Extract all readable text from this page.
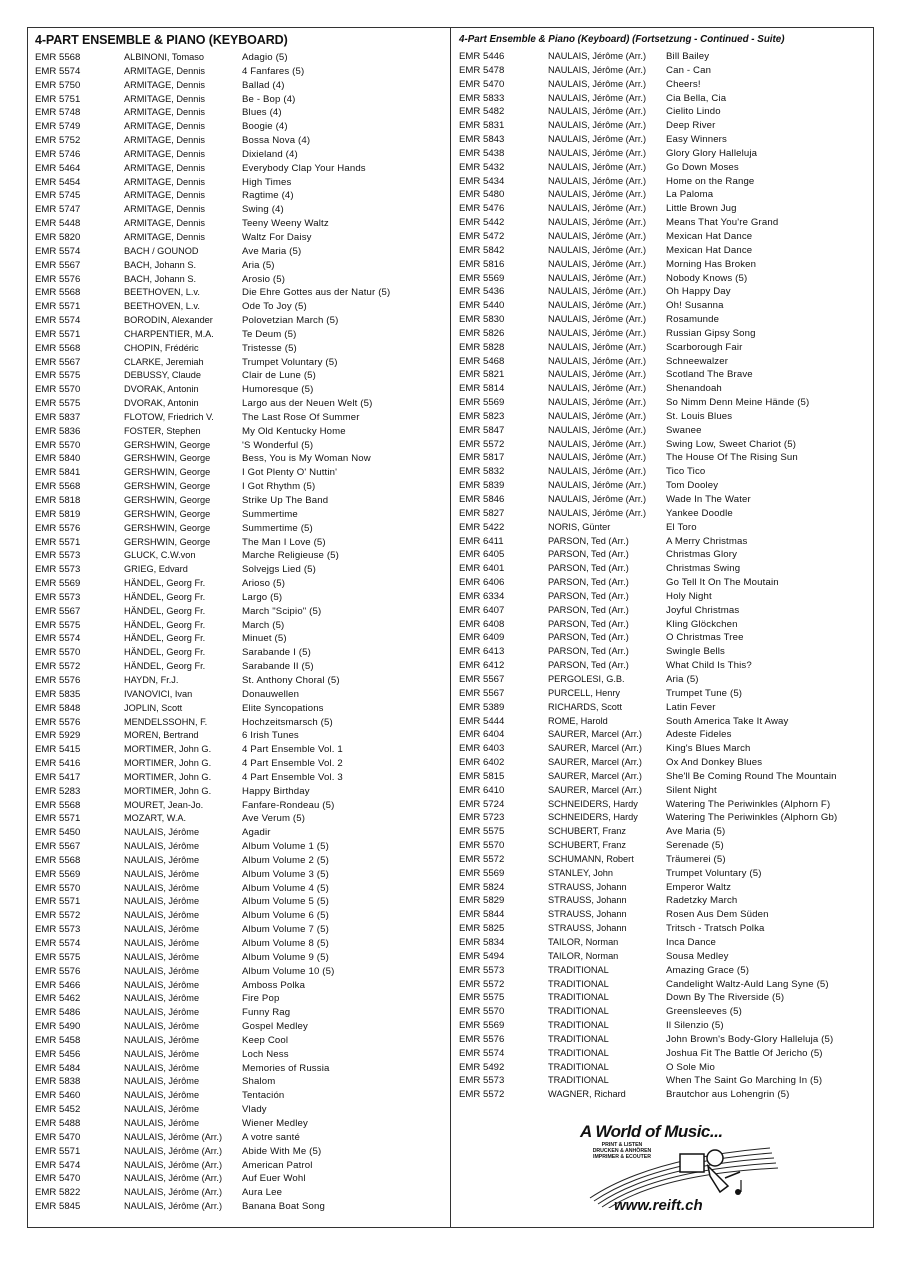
4-PART ENSEMBLE & PIANO (KEYBOARD)	4-Part Ensemble & Piano (Keyboard) (Fortsetzung - Continued - Suite)
EMR 5568	ALBINONI, Tomaso	Adagio (5)
EMR 5574	ARMITAGE, Dennis	4 Fanfares (5)
EMR 5750	ARMITAGE, Dennis	Ballad (4)
EMR 5751	ARMITAGE, Dennis	Be - Bop (4)
EMR 5748	ARMITAGE, Dennis	Blues (4)
EMR 5749	ARMITAGE, Dennis	Boogie (4)
EMR 5752	ARMITAGE, Dennis	Bossa Nova (4)
EMR 5746	ARMITAGE, Dennis	Dixieland (4)
EMR 5464	ARMITAGE, Dennis	Everybody Clap Your Hands
EMR 5454	ARMITAGE, Dennis	High Times
EMR 5745	ARMITAGE, Dennis	Ragtime (4)
EMR 5747	ARMITAGE, Dennis	Swing (4)
EMR 5448	ARMITAGE, Dennis	Teeny Weeny Waltz
EMR 5820	ARMITAGE, Dennis	Waltz For Daisy
EMR 5574	BACH / GOUNOD	Ave Maria (5)
EMR 5567	BACH, Johann S.	Aria (5)
EMR 5576	BACH, Johann S.	Arosio (5)
EMR 5568	BEETHOVEN, L.v.	Die Ehre Gottes aus der Natur (5)
EMR 5571	BEETHOVEN, L.v.	Ode To Joy (5)
EMR 5574	BORODIN, Alexander	Polovetzian March (5)
EMR 5571	CHARPENTIER, M.A.	Te Deum (5)
EMR 5568	CHOPIN, Frédéric	Tristesse (5)
EMR 5567	CLARKE, Jeremiah	Trumpet Voluntary (5)
EMR 5575	DEBUSSY, Claude	Clair de Lune (5)
EMR 5570	DVORAK, Antonin	Humoresque (5)
EMR 5575	DVORAK, Antonin	Largo aus der Neuen Welt (5)
EMR 5837	FLOTOW, Friedrich V.	The Last Rose Of Summer
EMR 5836	FOSTER, Stephen	My Old Kentucky Home
EMR 5570	GERSHWIN, George	'S Wonderful (5)
EMR 5840	GERSHWIN, George	Bess, You is My Woman Now
EMR 5841	GERSHWIN, George	I Got Plenty O' Nuttin'
EMR 5568	GERSHWIN, George	I Got Rhythm (5)
EMR 5818	GERSHWIN, George	Strike Up The Band
EMR 5819	GERSHWIN, George	Summertime
EMR 5576	GERSHWIN, George	Summertime (5)
EMR 5571	GERSHWIN, George	The Man I Love (5)
EMR 5573	GLUCK, C.W.von	Marche Religieuse (5)
EMR 5573	GRIEG, Edvard	Solvejgs Lied (5)
EMR 5569	HÄNDEL, Georg Fr.	Arioso (5)
EMR 5573	HÄNDEL, Georg Fr.	Largo (5)
EMR 5567	HÄNDEL, Georg Fr.	March "Scipio" (5)
EMR 5575	HÄNDEL, Georg Fr.	March (5)
EMR 5574	HÄNDEL, Georg Fr.	Minuet (5)
EMR 5570	HÄNDEL, Georg Fr.	Sarabande I (5)
EMR 5572	HÄNDEL, Georg Fr.	Sarabande II (5)
EMR 5576	HAYDN, Fr.J.	St. Anthony Choral (5)
EMR 5835	IVANOVICI, Ivan	Donauwellen
EMR 5848	JOPLIN, Scott	Elite Syncopations
EMR 5576	MENDELSSOHN, F.	Hochzeitsmarsch (5)
EMR 5929	MOREN, Bertrand	6 Irish Tunes
EMR 5415	MORTIMER, John G.	4 Part Ensemble Vol. 1
EMR 5416	MORTIMER, John G.	4 Part Ensemble Vol. 2
EMR 5417	MORTIMER, John G.	4 Part Ensemble Vol. 3
EMR 5283	MORTIMER, John G.	Happy Birthday
EMR 5568	MOURET, Jean-Jo.	Fanfare-Rondeau (5)
EMR 5571	MOZART, W.A.	Ave Verum (5)
EMR 5450	NAULAIS, Jérôme	Agadir
EMR 5567	NAULAIS, Jérôme	Album Volume 1 (5)
EMR 5568	NAULAIS, Jérôme	Album Volume 2 (5)
EMR 5569	NAULAIS, Jérôme	Album Volume 3 (5)
EMR 5570	NAULAIS, Jérôme	Album Volume 4 (5)
EMR 5571	NAULAIS, Jérôme	Album Volume 5 (5)
EMR 5572	NAULAIS, Jérôme	Album Volume 6 (5)
EMR 5573	NAULAIS, Jérôme	Album Volume 7 (5)
EMR 5574	NAULAIS, Jérôme	Album Volume 8 (5)
EMR 5575	NAULAIS, Jérôme	Album Volume 9 (5)
EMR 5576	NAULAIS, Jérôme	Album Volume 10 (5)
EMR 5466	NAULAIS, Jérôme	Amboss Polka
EMR 5462	NAULAIS, Jérôme	Fire Pop
EMR 5486	NAULAIS, Jérôme	Funny Rag
EMR 5490	NAULAIS, Jérôme	Gospel Medley
EMR 5458	NAULAIS, Jérôme	Keep Cool
EMR 5456	NAULAIS, Jérôme	Loch Ness
EMR 5484	NAULAIS, Jérôme	Memories of Russia
EMR 5838	NAULAIS, Jérôme	Shalom
EMR 5460	NAULAIS, Jérôme	Tentación
EMR 5452	NAULAIS, Jérôme	Vlady
EMR 5488	NAULAIS, Jérôme	Wiener Medley
EMR 5470	NAULAIS, Jérôme (Arr.)	A votre santé
EMR 5571	NAULAIS, Jérôme (Arr.)	Abide With Me (5)
EMR 5474	NAULAIS, Jérôme (Arr.)	American Patrol
EMR 5470	NAULAIS, Jérôme (Arr.)	Auf Euer Wohl
EMR 5822	NAULAIS, Jérôme (Arr.)	Aura Lee
EMR 5845	NAULAIS, Jérôme (Arr.)	Banana Boat Song
EMR 5446	NAULAIS, Jérôme (Arr.)	Bill Bailey
EMR 5478	NAULAIS, Jérôme (Arr.)	Can - Can
EMR 5470	NAULAIS, Jérôme (Arr.)	Cheers!
EMR 5833	NAULAIS, Jérôme (Arr.)	Cia Bella, Cia
EMR 5482	NAULAIS, Jérôme (Arr.)	Cielito Lindo
EMR 5831	NAULAIS, Jérôme (Arr.)	Deep River
EMR 5843	NAULAIS, Jérôme (Arr.)	Easy Winners
EMR 5438	NAULAIS, Jérôme (Arr.)	Glory Glory Halleluja
EMR 5432	NAULAIS, Jérôme (Arr.)	Go Down Moses
EMR 5434	NAULAIS, Jérôme (Arr.)	Home on the Range
EMR 5480	NAULAIS, Jérôme (Arr.)	La Paloma
EMR 5476	NAULAIS, Jérôme (Arr.)	Little Brown Jug
EMR 5442	NAULAIS, Jérôme (Arr.)	Means That You're Grand
EMR 5472	NAULAIS, Jérôme (Arr.)	Mexican Hat Dance
EMR 5842	NAULAIS, Jérôme (Arr.)	Mexican Hat Dance
EMR 5816	NAULAIS, Jérôme (Arr.)	Morning Has Broken
EMR 5569	NAULAIS, Jérôme (Arr.)	Nobody Knows (5)
EMR 5436	NAULAIS, Jérôme (Arr.)	Oh Happy Day
EMR 5440	NAULAIS, Jérôme (Arr.)	Oh! Susanna
EMR 5830	NAULAIS, Jérôme (Arr.)	Rosamunde
EMR 5826	NAULAIS, Jérôme (Arr.)	Russian Gipsy Song
EMR 5828	NAULAIS, Jérôme (Arr.)	Scarborough Fair
EMR 5468	NAULAIS, Jérôme (Arr.)	Schneewalzer
EMR 5821	NAULAIS, Jérôme (Arr.)	Scotland The Brave
EMR 5814	NAULAIS, Jérôme (Arr.)	Shenandoah
EMR 5569	NAULAIS, Jérôme (Arr.)	So Nimm Denn Meine Hände (5)
EMR 5823	NAULAIS, Jérôme (Arr.)	St. Louis Blues
EMR 5847	NAULAIS, Jérôme (Arr.)	Swanee
EMR 5572	NAULAIS, Jérôme (Arr.)	Swing Low, Sweet Chariot (5)
EMR 5817	NAULAIS, Jérôme (Arr.)	The House Of The Rising Sun
EMR 5832	NAULAIS, Jérôme (Arr.)	Tico Tico
EMR 5839	NAULAIS, Jérôme (Arr.)	Tom Dooley
EMR 5846	NAULAIS, Jérôme (Arr.)	Wade In The Water
EMR 5827	NAULAIS, Jérôme (Arr.)	Yankee Doodle
EMR 5422	NORIS, Günter	El Toro
EMR 6411	PARSON, Ted (Arr.)	A Merry Christmas
EMR 6405	PARSON, Ted (Arr.)	Christmas Glory
EMR 6401	PARSON, Ted (Arr.)	Christmas Swing
EMR 6406	PARSON, Ted (Arr.)	Go Tell It On The Moutain
EMR 6334	PARSON, Ted (Arr.)	Holy Night
EMR 6407	PARSON, Ted (Arr.)	Joyful Christmas
EMR 6408	PARSON, Ted (Arr.)	Kling Glöckchen
EMR 6409	PARSON, Ted (Arr.)	O Christmas Tree
EMR 6413	PARSON, Ted (Arr.)	Swingle Bells
EMR 6412	PARSON, Ted (Arr.)	What Child Is This?
EMR 5567	PERGOLESI, G.B.	Aria (5)
EMR 5567	PURCELL, Henry	Trumpet Tune (5)
EMR 5389	RICHARDS, Scott	Latin Fever
EMR 5444	ROME, Harold	South America Take It Away
EMR 6404	SAURER, Marcel (Arr.)	Adeste Fideles
EMR 6403	SAURER, Marcel (Arr.)	King's Blues March
EMR 6402	SAURER, Marcel (Arr.)	Ox And Donkey Blues
EMR 5815	SAURER, Marcel (Arr.)	She'll Be Coming Round The Mountain
EMR 6410	SAURER, Marcel (Arr.)	Silent Night
EMR 5724	SCHNEIDERS, Hardy	Watering The Periwinkles (Alphorn F)
EMR 5723	SCHNEIDERS, Hardy	Watering The Periwinkles (Alphorn Gb)
EMR 5575	SCHUBERT, Franz	Ave Maria (5)
EMR 5570	SCHUBERT, Franz	Serenade (5)
EMR 5572	SCHUMANN, Robert	Träumerei (5)
EMR 5569	STANLEY, John	Trumpet Voluntary (5)
EMR 5824	STRAUSS, Johann	Emperor Waltz
EMR 5829	STRAUSS, Johann	Radetzky March
EMR 5844	STRAUSS, Johann	Rosen Aus Dem Süden
EMR 5825	STRAUSS, Johann	Tritsch - Tratsch Polka
EMR 5834	TAILOR, Norman	Inca Dance
EMR 5494	TAILOR, Norman	Sousa Medley
EMR 5573	TRADITIONAL	Amazing Grace (5)
EMR 5572	TRADITIONAL	Candelight Waltz-Auld Lang Syne (5)
EMR 5575	TRADITIONAL	Down By The Riverside (5)
EMR 5570	TRADITIONAL	Greensleeves (5)
EMR 5569	TRADITIONAL	Il Silenzio (5)
EMR 5576	TRADITIONAL	John Brown's Body-Glory Halleluja (5)
EMR 5574	TRADITIONAL	Joshua Fit The Battle Of Jericho (5)
EMR 5492	TRADITIONAL	O Sole Mio
EMR 5573	TRADITIONAL	When The Saint Go Marching In (5)
EMR 5572	WAGNER, Richard	Brautchor aus Lohengrin (5)
A World of Music...
PRINT & LISTEN
DRUCKEN & ANHÖREN
IMPRIMER & ECOUTER
www.reift.ch
